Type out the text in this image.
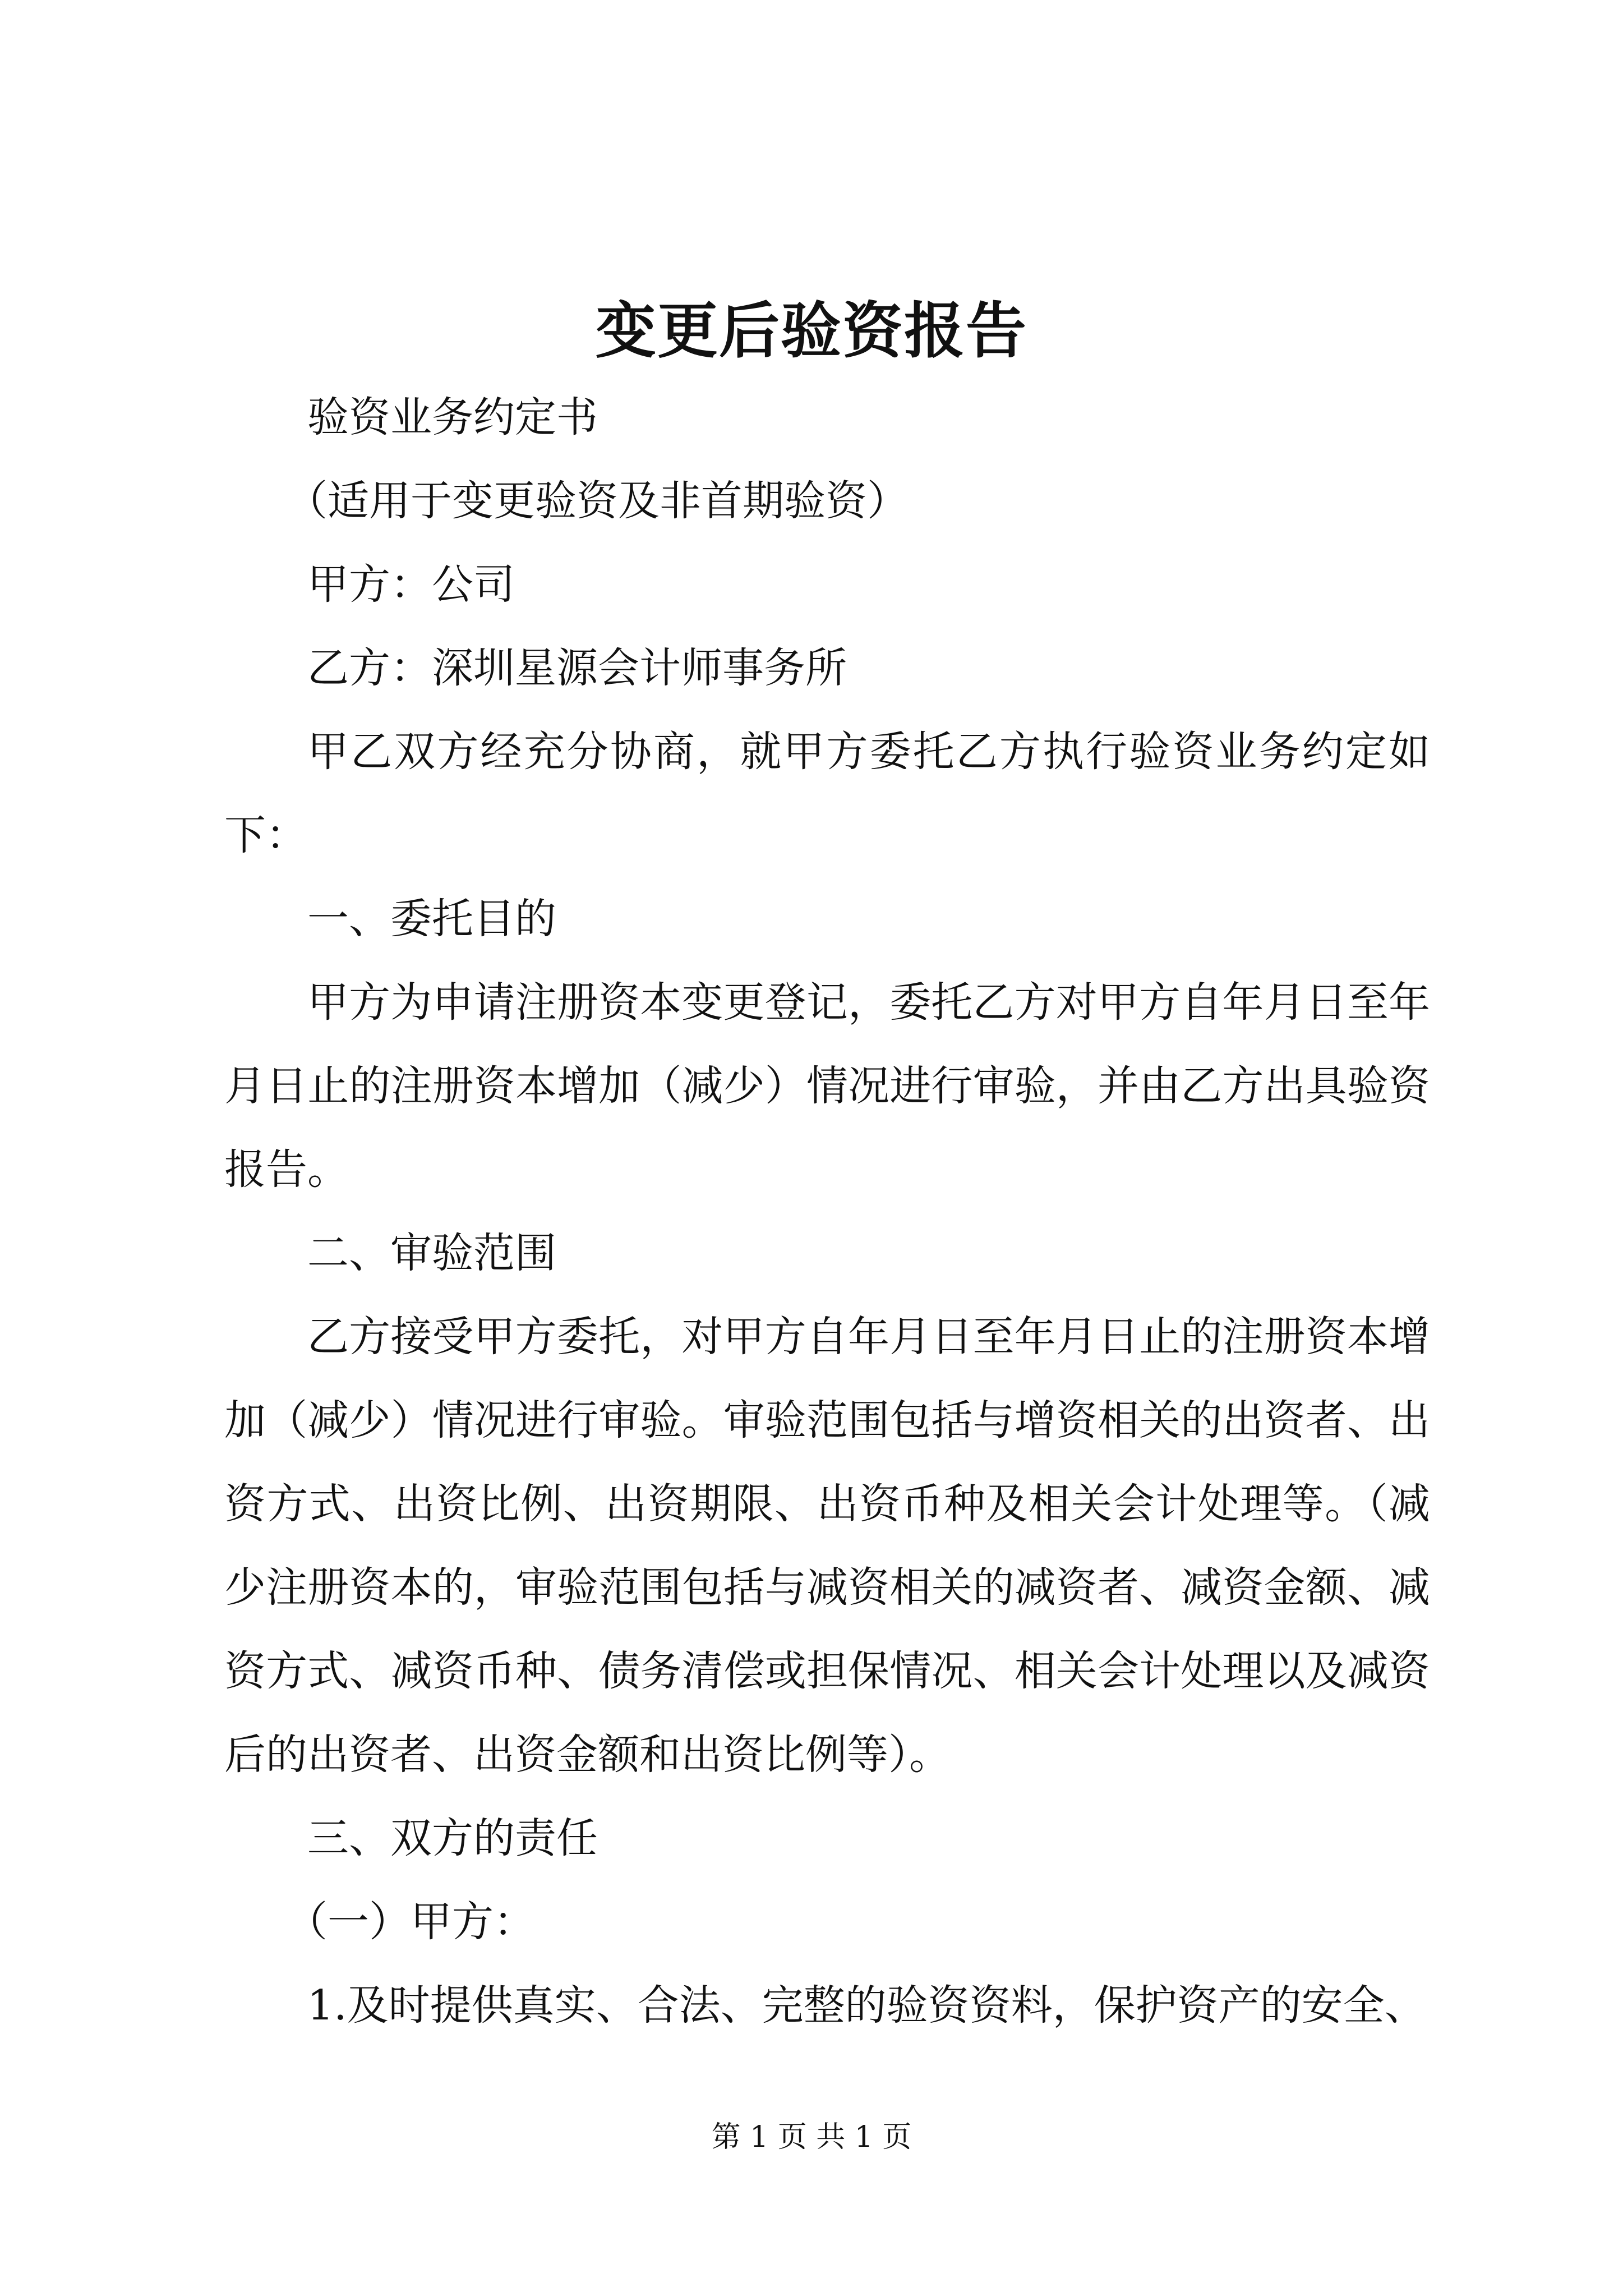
变更后验资报告

验资业务约定书

（适用于变更验资及非首期验资）

甲方：公司

乙方：深圳星源会计师事务所

甲乙双方经充分协商，就甲方委托乙方执行验资业务约定如下：

一、委托目的

甲方为申请注册资本变更登记，委托乙方对甲方自年月日至年月日止的注册资本增加（减少）情况进行审验，并由乙方出具验资报告。

二、审验范围

乙方接受甲方委托，对甲方自年月日至年月日止的注册资本增加（减少）情况进行审验。审验范围包括与增资相关的出资者、出资方式、出资比例、出资期限、出资币种及相关会计处理等。（减少注册资本的，审验范围包括与减资相关的减资者、减资金额、减资方式、减资币种、债务清偿或担保情况、相关会计处理以及减资后的出资者、出资金额和出资比例等）。

三、双方的责任

（一）甲方：

1.及时提供真实、合法、完整的验资资料，保护资产的安全、

第 1 页 共 1 页
